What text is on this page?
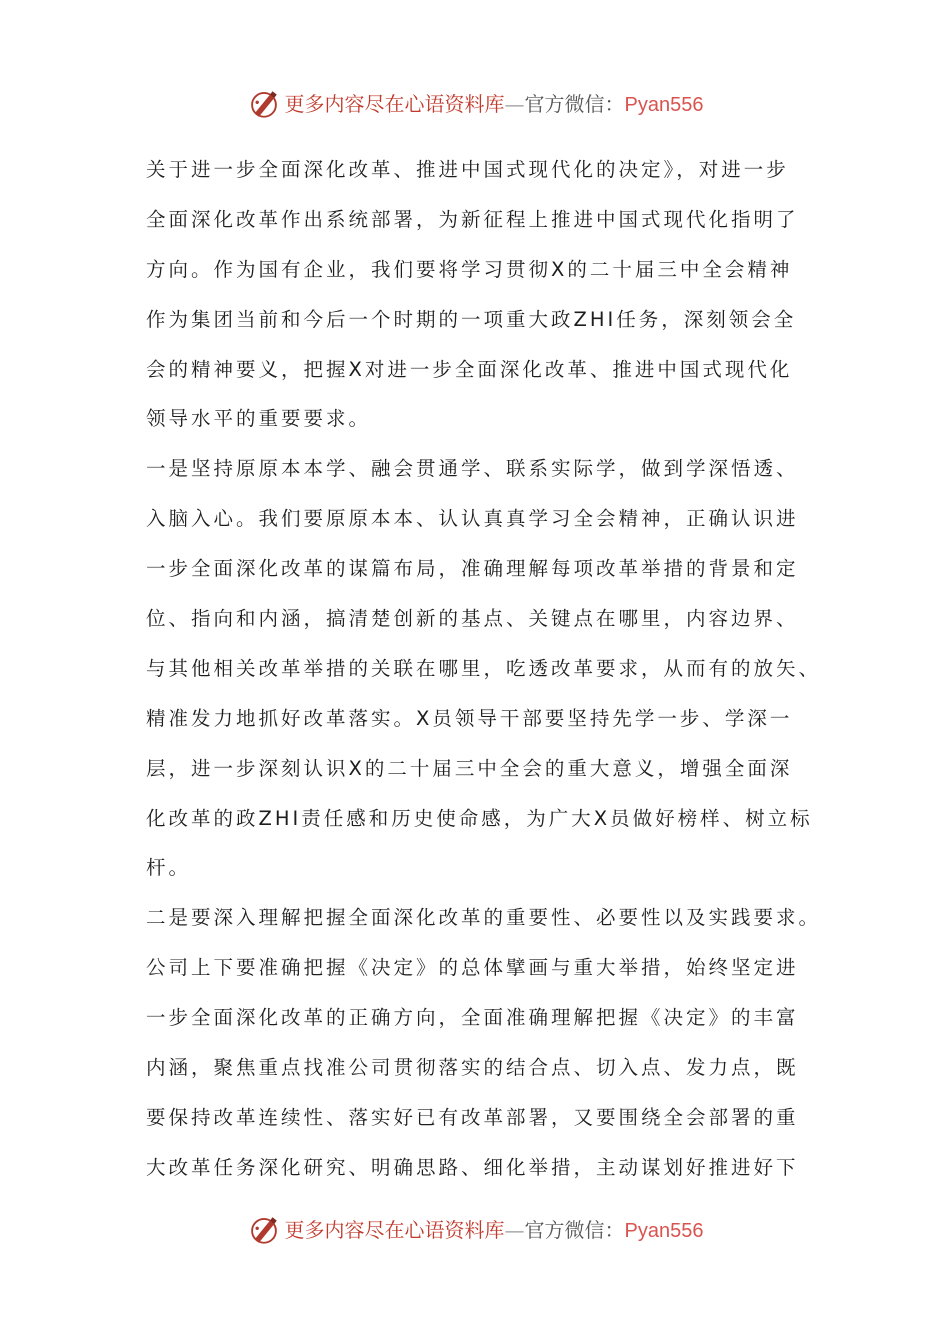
更多内容尽在心语资料库—官方微信：Pyan556
关于进一步全面深化改革、推进中国式现代化的决定》，对进一步
全面深化改革作出系统部署，为新征程上推进中国式现代化指明了
方向。作为国有企业，我们要将学习贯彻X的二十届三中全会精神
作为集团当前和今后一个时期的一项重大政ZHI任务，深刻领会全
会的精神要义，把握X对进一步全面深化改革、推进中国式现代化
领导水平的重要要求。
一是坚持原原本本学、融会贯通学、联系实际学，做到学深悟透、
入脑入心。我们要原原本本、认认真真学习全会精神，正确认识进
一步全面深化改革的谋篇布局，准确理解每项改革举措的背景和定
位、指向和内涵，搞清楚创新的基点、关键点在哪里，内容边界、
与其他相关改革举措的关联在哪里，吃透改革要求，从而有的放矢、
精准发力地抓好改革落实。X员领导干部要坚持先学一步、学深一
层，进一步深刻认识X的二十届三中全会的重大意义，增强全面深
化改革的政ZHI责任感和历史使命感，为广大X员做好榜样、树立标
杆。
二是要深入理解把握全面深化改革的重要性、必要性以及实践要求。
公司上下要准确把握《决定》的总体擘画与重大举措，始终坚定进
一步全面深化改革的正确方向，全面准确理解把握《决定》的丰富
内涵，聚焦重点找准公司贯彻落实的结合点、切入点、发力点，既
要保持改革连续性、落实好已有改革部署，又要围绕全会部署的重
大改革任务深化研究、明确思路、细化举措，主动谋划好推进好下
更多内容尽在心语资料库—官方微信：Pyan556
